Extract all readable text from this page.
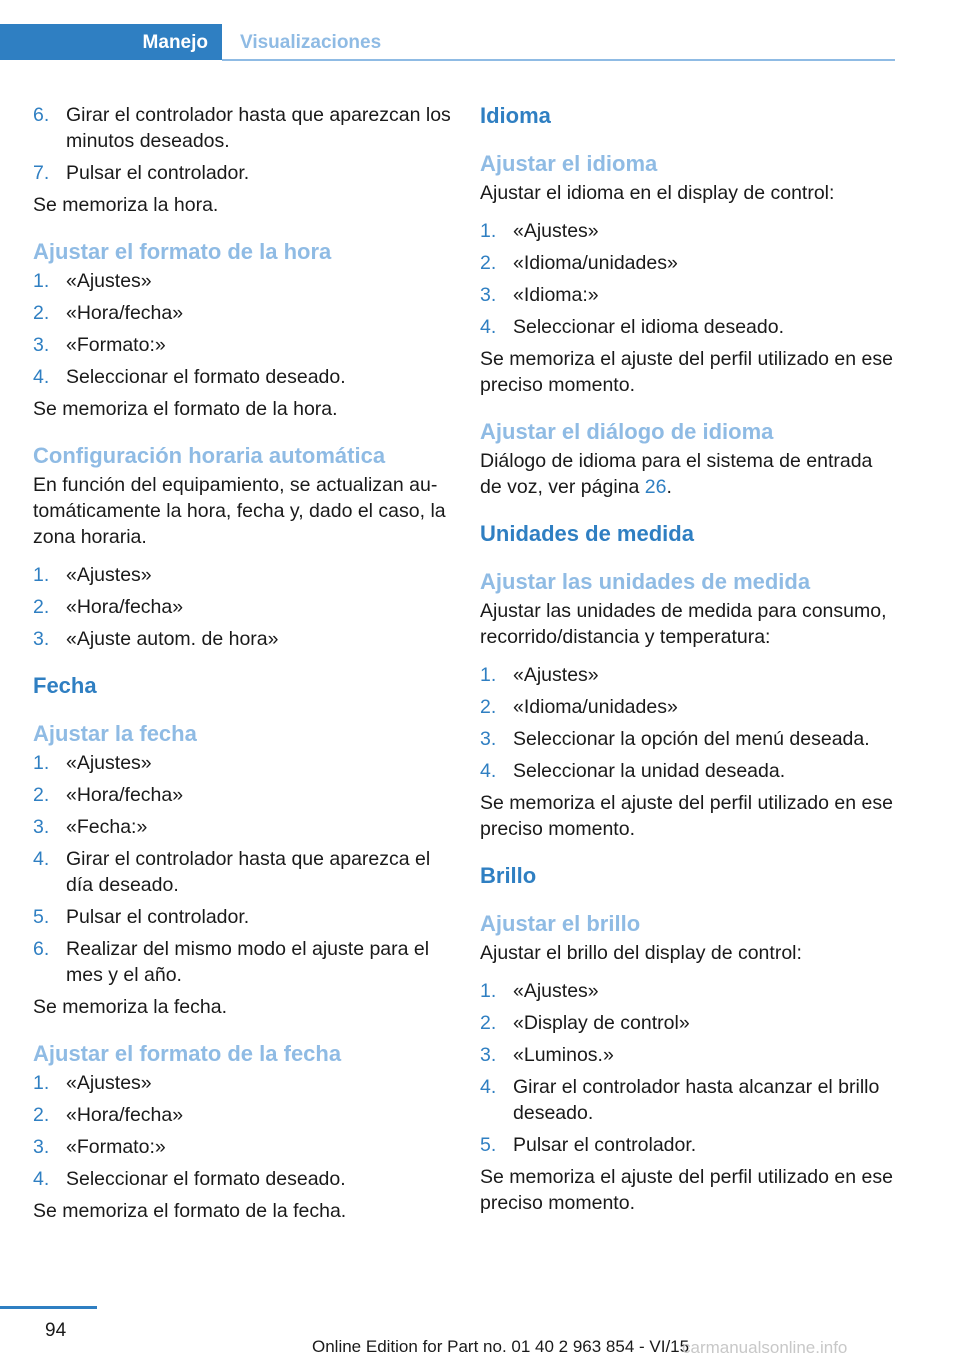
Manejo Visualizaciones
6. Girar el controlador hasta que aparezcan los minutos deseados.
7. Pulsar el controlador.

Se memoriza la hora.

Ajustar el formato de la hora
1. «Ajustes»
2. «Hora/fecha»
3. «Formato:»
4. Seleccionar el formato deseado.

Se memoriza el formato de la hora.

Configuración horaria automática

En función del equipamiento, se actualizan au-tomáticamente la hora, fecha y, dado el caso, la zona horaria.

1. «Ajustes»
2. «Hora/fecha»
3. «Ajuste autom. de hora»
Fecha
Ajustar la fecha
1. «Ajustes»
2. «Hora/fecha»
3. «Fecha:»
4. Girar el controlador hasta que aparezca el día deseado.
5. Pulsar el controlador.
6. Realizar del mismo modo el ajuste para el mes y el año.

Se memoriza la fecha.

Ajustar el formato de la fecha
1. «Ajustes»
2. «Hora/fecha»
3. «Formato:»
4. Seleccionar el formato deseado.

Se memoriza el formato de la fecha.

Idioma
Ajustar el idioma

Ajustar el idioma en el display de control:

1. «Ajustes»
2. «Idioma/unidades»
3. «Idioma:»
4. Seleccionar el idioma deseado.

Se memoriza el ajuste del perfil utilizado en ese preciso momento.

Ajustar el diálogo de idioma

Diálogo de idioma para el sistema de entrada de voz, ver página 26.

Unidades de medida
Ajustar las unidades de medida

Ajustar las unidades de medida para consumo, recorrido/distancia y temperatura:

1. «Ajustes»
2. «Idioma/unidades»
3. Seleccionar la opción del menú deseada.
4. Seleccionar la unidad deseada.

Se memoriza el ajuste del perfil utilizado en ese preciso momento.

Brillo
Ajustar el brillo

Ajustar el brillo del display de control:

1. «Ajustes»
2. «Display de control»
3. «Luminos.»
4. Girar el controlador hasta alcanzar el brillo deseado.
5. Pulsar el controlador.

Se memoriza el ajuste del perfil utilizado en ese preciso momento.

94
Online Edition for Part no. 01 40 2 963 854 - VI/15
carmanualsonline.info
